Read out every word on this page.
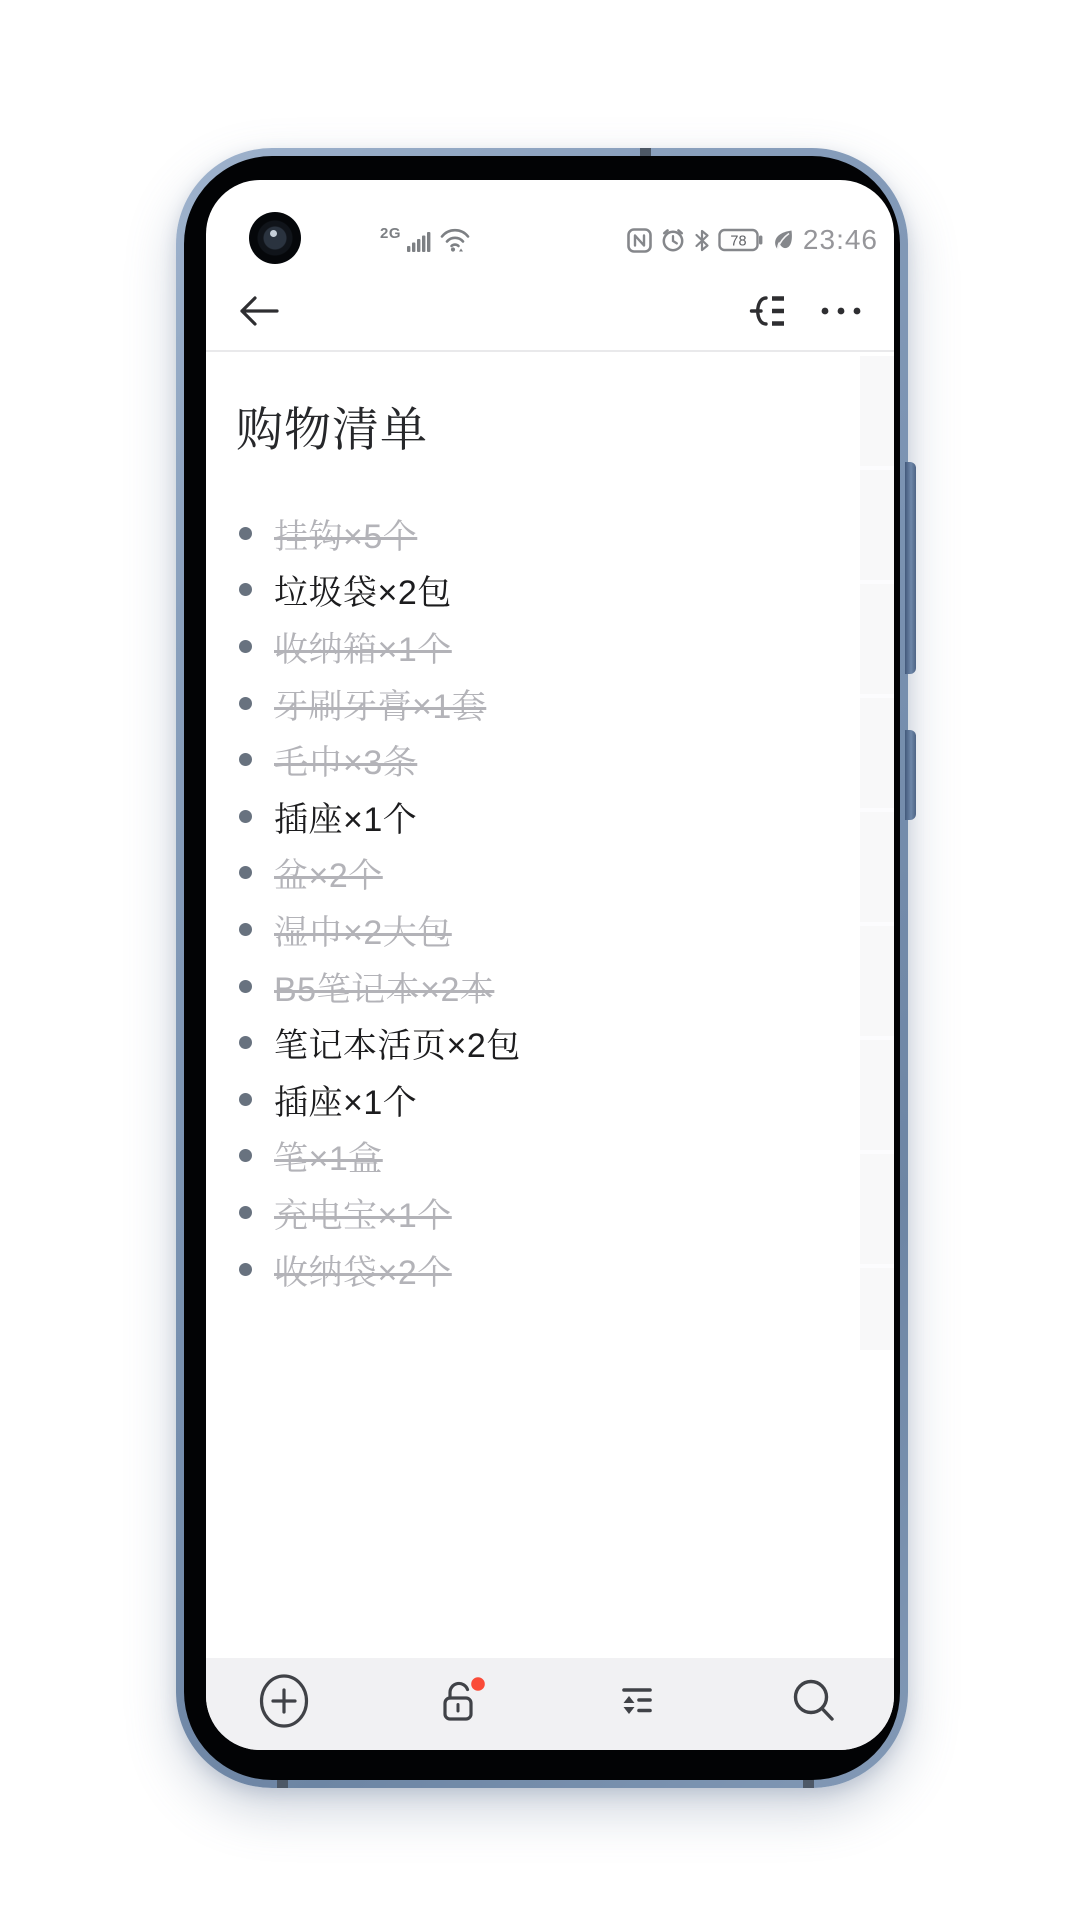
2G	78 23:46
购物清单
挂钩×5个
垃圾袋×2包
收纳箱×1个
牙刷牙膏×1套
毛巾×3条
插座×1个
盆×2个
湿巾×2大包
B5笔记本×2本
笔记本活页×2包
插座×1个
笔×1盒
充电宝×1个
收纳袋×2个
